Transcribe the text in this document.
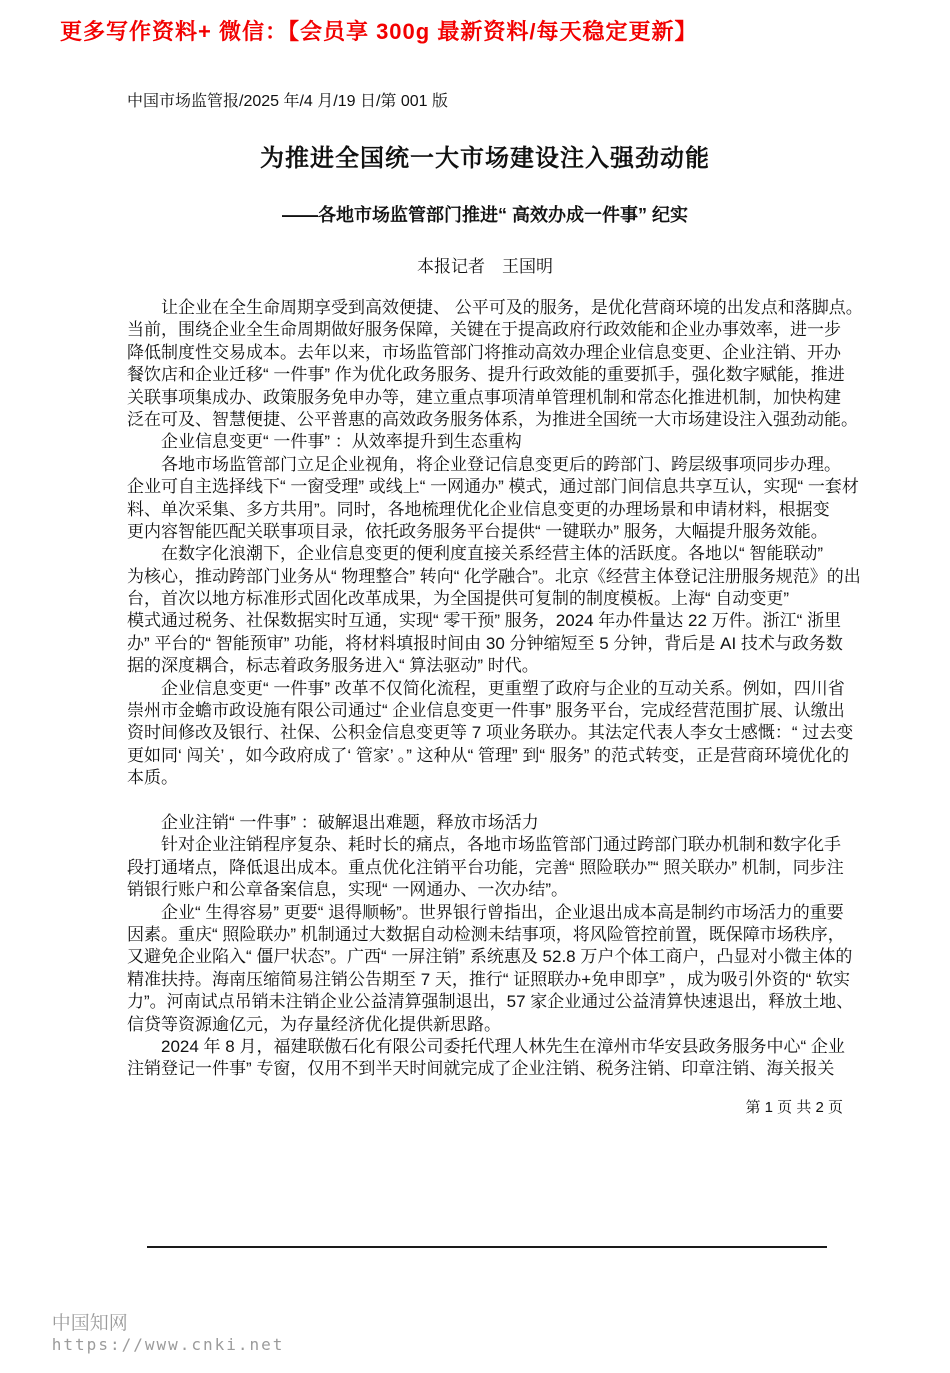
更多写作资料+ 微信：【会员享 300g 最新资料/每天稳定更新】
中国市场监管报/2025 年/4 月/19 日/第 001 版
为推进全国统一大市场建设注入强劲动能
——各地市场监管部门推进“ 高效办成一件事” 纪实
本报记者　王国明
　　让企业在全生命周期享受到高效便捷、 公平可及的服务，是优化营商环境的出发点和落脚点。
当前，围绕企业全生命周期做好服务保障，关键在于提高政府行政效能和企业办事效率，进一步
降低制度性交易成本。去年以来，市场监管部门将推动高效办理企业信息变更、企业注销、开办
餐饮店和企业迁移“ 一件事” 作为优化政务服务、提升行政效能的重要抓手，强化数字赋能，推进
关联事项集成办、政策服务免申办等，建立重点事项清单管理机制和常态化推进机制，加快构建
泛在可及、智慧便捷、公平普惠的高效政务服务体系，为推进全国统一大市场建设注入强劲动能。
　　企业信息变更“ 一件事” ：从效率提升到生态重构
　　各地市场监管部门立足企业视角，将企业登记信息变更后的跨部门、跨层级事项同步办理。
企业可自主选择线下“ 一窗受理” 或线上“ 一网通办” 模式，通过部门间信息共享互认，实现“ 一套材
料、单次采集、多方共用”。同时，各地梳理优化企业信息变更的办理场景和申请材料，根据变
更内容智能匹配关联事项目录，依托政务服务平台提供“ 一键联办” 服务，大幅提升服务效能。
　　在数字化浪潮下，企业信息变更的便利度直接关系经营主体的活跃度。各地以“ 智能联动”
为核心，推动跨部门业务从“ 物理整合” 转向“ 化学融合”。北京《经营主体登记注册服务规范》的出
台，首次以地方标准形式固化改革成果，为全国提供可复制的制度模板。上海“ 自动变更”
模式通过税务、社保数据实时互通，实现“ 零干预” 服务，2024 年办件量达 22 万件。浙江“ 浙里
办” 平台的“ 智能预审” 功能，将材料填报时间由 30 分钟缩短至 5 分钟，背后是 AI 技术与政务数
据的深度耦合，标志着政务服务进入“ 算法驱动” 时代。
　　企业信息变更“ 一件事” 改革不仅简化流程，更重塑了政府与企业的互动关系。例如，四川省
崇州市金蟾市政设施有限公司通过“ 企业信息变更一件事” 服务平台，完成经营范围扩展、认缴出
资时间修改及银行、社保、公积金信息变更等 7 项业务联办。其法定代表人李女士感慨：“ 过去变
更如同‘ 闯关’ ，如今政府成了‘ 管家’ 。” 这种从“ 管理” 到“ 服务” 的范式转变，正是营商环境优化的
本质。
　　企业注销“ 一件事” ：破解退出难题，释放市场活力
　　针对企业注销程序复杂、耗时长的痛点，各地市场监管部门通过跨部门联办机制和数字化手
段打通堵点，降低退出成本。重点优化注销平台功能，完善“ 照险联办”“ 照关联办” 机制，同步注
销银行账户和公章备案信息，实现“ 一网通办、一次办结”。
　　企业“ 生得容易” 更要“ 退得顺畅”。世界银行曾指出，企业退出成本高是制约市场活力的重要
因素。重庆“ 照险联办” 机制通过大数据自动检测未结事项，将风险管控前置，既保障市场秩序，
又避免企业陷入“ 僵尸状态”。广西“ 一屏注销” 系统惠及 52.8 万户个体工商户，凸显对小微主体的
精准扶持。海南压缩简易注销公告期至 7 天，推行“ 证照联办+免申即享” ，成为吸引外资的“ 软实
力”。河南试点吊销未注销企业公益清算强制退出，57 家企业通过公益清算快速退出，释放土地、
信贷等资源逾亿元，为存量经济优化提供新思路。
　　2024 年 8 月，福建联傲石化有限公司委托代理人林先生在漳州市华安县政务服务中心“ 企业
注销登记一件事” 专窗，仅用不到半天时间就完成了企业注销、税务注销、印章注销、海关报关
第 1 页 共 2 页

中国知网
https://www.cnki.net
